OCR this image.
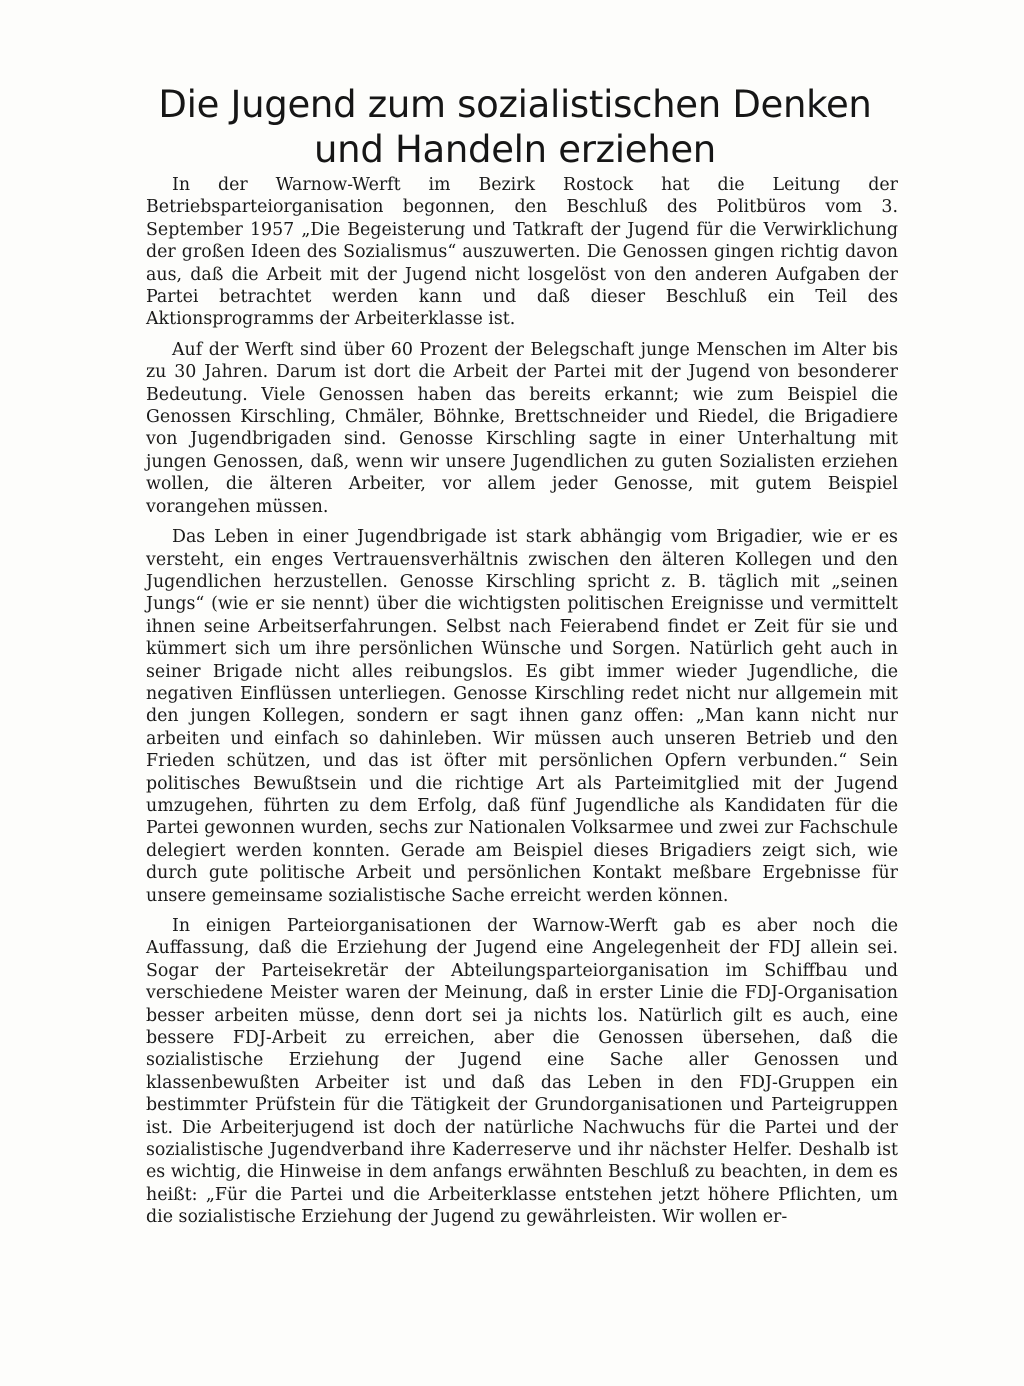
Die Jugend zum sozialistischen Denken und Handeln erziehen

In der Warnow-Werft im Bezirk Rostock hat die Leitung der Betriebsparteiorganisation begonnen, den Beschluß des Politbüros vom 3. September 1957 „Die Begeisterung und Tatkraft der Jugend für die Verwirklichung der großen Ideen des Sozialismus“ auszuwerten. Die Genossen gingen richtig davon aus, daß die Arbeit mit der Jugend nicht losgelöst von den anderen Aufgaben der Partei betrachtet werden kann und daß dieser Beschluß ein Teil des Aktionsprogramms der Arbeiterklasse ist.

Auf der Werft sind über 60 Prozent der Belegschaft junge Menschen im Alter bis zu 30 Jahren. Darum ist dort die Arbeit der Partei mit der Jugend von besonderer Bedeutung. Viele Genossen haben das bereits erkannt; wie zum Beispiel die Genossen Kirschling, Chmäler, Böhnke, Brettschneider und Riedel, die Brigadiere von Jugendbrigaden sind. Genosse Kirschling sagte in einer Unterhaltung mit jungen Genossen, daß, wenn wir unsere Jugendlichen zu guten Sozialisten erziehen wollen, die älteren Arbeiter, vor allem jeder Genosse, mit gutem Beispiel vorangehen müssen.

Das Leben in einer Jugendbrigade ist stark abhängig vom Brigadier, wie er es versteht, ein enges Vertrauensverhältnis zwischen den älteren Kollegen und den Jugendlichen herzustellen. Genosse Kirschling spricht z. B. täglich mit „seinen Jungs“ (wie er sie nennt) über die wichtigsten politischen Ereignisse und vermittelt ihnen seine Arbeitserfahrungen. Selbst nach Feierabend findet er Zeit für sie und kümmert sich um ihre persönlichen Wünsche und Sorgen. Natürlich geht auch in seiner Brigade nicht alles reibungslos. Es gibt immer wieder Jugendliche, die negativen Einflüssen unterliegen. Genosse Kirschling redet nicht nur allgemein mit den jungen Kollegen, sondern er sagt ihnen ganz offen: „Man kann nicht nur arbeiten und einfach so dahinleben. Wir müssen auch unseren Betrieb und den Frieden schützen, und das ist öfter mit persönlichen Opfern verbunden.“ Sein politisches Bewußtsein und die richtige Art als Parteimitglied mit der Jugend umzugehen, führten zu dem Erfolg, daß fünf Jugendliche als Kandidaten für die Partei gewonnen wurden, sechs zur Nationalen Volksarmee und zwei zur Fachschule delegiert werden konnten. Gerade am Beispiel dieses Brigadiers zeigt sich, wie durch gute politische Arbeit und persönlichen Kontakt meßbare Ergebnisse für unsere gemeinsame sozialistische Sache erreicht werden können.

In einigen Parteiorganisationen der Warnow-Werft gab es aber noch die Auffassung, daß die Erziehung der Jugend eine Angelegenheit der FDJ allein sei. Sogar der Parteisekretär der Abteilungsparteiorganisation im Schiffbau und verschiedene Meister waren der Meinung, daß in erster Linie die FDJ-Organisation besser arbeiten müsse, denn dort sei ja nichts los. Natürlich gilt es auch, eine bessere FDJ-Arbeit zu erreichen, aber die Genossen übersehen, daß die sozialistische Erziehung der Jugend eine Sache aller Genossen und klassenbewußten Arbeiter ist und daß das Leben in den FDJ-Gruppen ein bestimmter Prüfstein für die Tätigkeit der Grundorganisationen und Parteigruppen ist. Die Arbeiterjugend ist doch der natürliche Nachwuchs für die Partei und der sozialistische Jugendverband ihre Kaderreserve und ihr nächster Helfer. Deshalb ist es wichtig, die Hinweise in dem anfangs erwähnten Beschluß zu beachten, in dem es heißt: „Für die Partei und die Arbeiterklasse entstehen jetzt höhere Pflichten, um die sozialistische Erziehung der Jugend zu gewährleisten. Wir wollen er-
